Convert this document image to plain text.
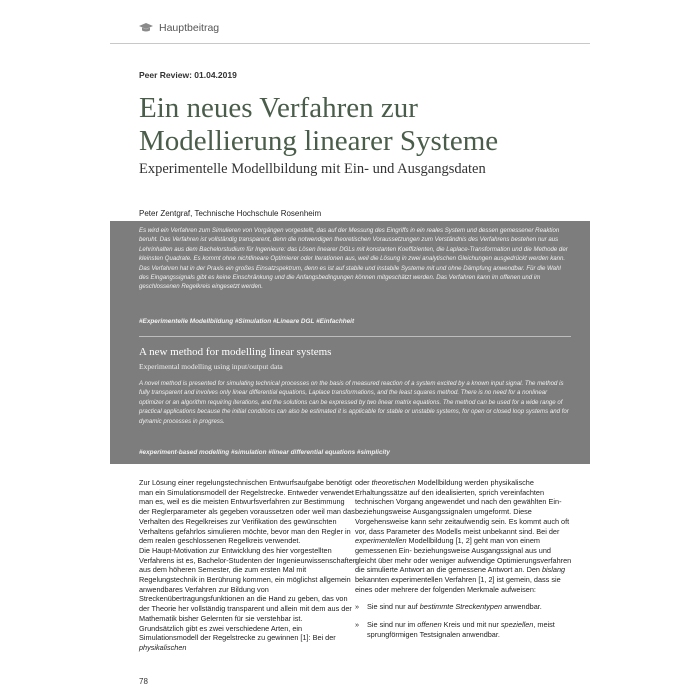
Hauptbeitrag
Peer Review: 01.04.2019
Ein neues Verfahren zur
Modellierung linearer Systeme
Experimentelle Modellbildung mit Ein- und Ausgangsdaten
Peter Zentgraf, Technische Hochschule Rosenheim
Es wird ein Verfahren zum Simulieren von Vorgängen vorgestellt, das auf der Messung des Eingriffs in ein reales System und dessen gemessener Reaktion beruht. Das Verfahren ist vollständig transparent, denn die notwendigen theoretischen Voraussetzungen zum Verständnis des Verfahrens bestehen nur aus Lehrinhalten aus dem Bachelorstudium für Ingenieure: das Lösen linearer DGLs mit konstanten Koeffizienten, die Laplace-Transformation und die Methode der kleinsten Quadrate. Es kommt ohne nichtlineare Optimierer oder Iterationen aus, weil die Lösung in zwei analytischen Gleichungen ausgedrückt werden kann. Das Verfahren hat in der Praxis ein großes Einsatzspektrum, denn es ist auf stabile und instabile Systeme mit und ohne Dämpfung anwendbar. Für die Wahl des Eingangssignals gibt es keine Einschränkung und die Anfangsbedingungen können mitgeschätzt werden. Das Verfahren kann im offenen und im geschlossenen Regelkreis eingesetzt werden.
#Experimentelle Modellbildung #Simulation #Lineare DGL #Einfachheit
A new method for modelling linear systems
Experimental modelling using input/output data
A novel method is presented for simulating technical processes on the basis of measured reaction of a system excited by a known input signal. The method is fully transparent and involves only linear differential equations, Laplace transformations, and the least squares method. There is no need for a nonlinear optimizer or an algorithm requiring iterations, and the solutions can be expressed by two linear matrix equations. The method can be used for a wide range of practical applications because the initial conditions can also be estimated it is applicable for stable or unstable systems, for open or closed loop systems and for dynamic processes in progress.
#experiment-based modelling #simulation #linear differential equations #simplicity

Zur Lösung einer regelungstechnischen Entwurfsaufgabe benötigt man ein Simulationsmodell der Regelstrecke. Entweder verwendet man es, weil es die meisten Entwurfsverfahren zur Bestimmung der Reglerparameter als gegeben voraussetzen oder weil man das Verhalten des Regelkreises zur Verifikation des gewünschten Verhaltens gefahrlos simulieren möchte, bevor man den Regler in dem realen geschlossenen Regelkreis verwendet.

Die Haupt-Motivation zur Entwicklung des hier vorgestellten Verfahrens ist es, Bachelor-Studenten der Ingenieurwissenschaften aus dem höheren Semester, die zum ersten Mal mit Regelungstechnik in Berührung kommen, ein möglichst allgemein anwendbares Verfahren zur Bildung von Streckenübertragungsfunktionen an die Hand zu geben, das von der Theorie her vollständig transparent und allein mit dem aus der Mathematik bisher Gelernten für sie verstehbar ist.

Grundsätzlich gibt es zwei verschiedene Arten, ein Simulationsmodell der Regelstrecke zu gewinnen [1]: Bei der physikalischen

oder theoretischen Modellbildung werden physikalische Erhaltungssätze auf den idealisierten, sprich vereinfachten technischen Vorgang angewendet und nach den gewählten Ein- beziehungsweise Ausgangssignalen umgeformt. Diese Vorgehensweise kann sehr zeitaufwendig sein. Es kommt auch oft vor, dass Parameter des Modells meist unbekannt sind. Bei der experimentellen Modellbildung [1, 2] geht man von einem gemessenen Ein- beziehungsweise Ausgangssignal aus und gleicht über mehr oder weniger aufwendige Optimierungsverfahren die simulierte Antwort an die gemessene Antwort an. Den bislang bekannten experimentellen Verfahren [1, 2] ist gemein, dass sie eines oder mehrere der folgenden Merkmale aufweisen:

» Sie sind nur auf bestimmte Streckentypen anwendbar.
» Sie sind nur im offenen Kreis und mit nur speziellen, meist sprungförmigen Testsignalen anwendbar.
78
